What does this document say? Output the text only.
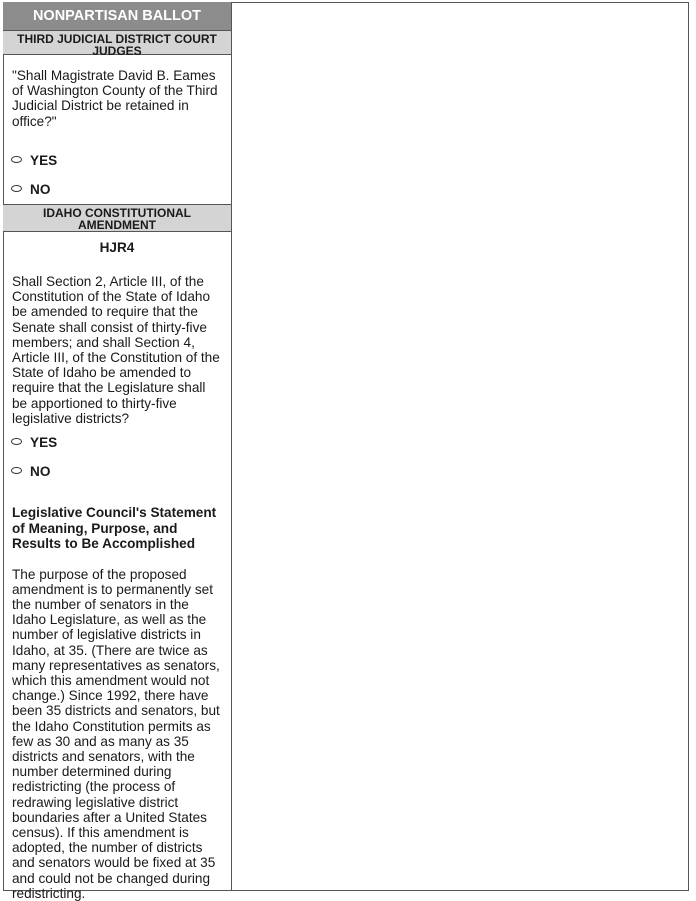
NONPARTISAN BALLOT
THIRD JUDICIAL DISTRICT COURT JUDGES
"Shall Magistrate David B. Eames of Washington County of the Third Judicial District be retained in office?"
YES
NO
IDAHO CONSTITUTIONAL
AMENDMENT
HJR4
Shall Section 2, Article III, of the Constitution of the State of Idaho be amended to require that the Senate shall consist of thirty-five members; and shall Section 4, Article III, of the Constitution of the State of Idaho be amended to require that the Legislature shall be apportioned to thirty-five legislative districts?
YES
NO
Legislative Council's Statement of Meaning, Purpose, and Results to Be Accomplished
The purpose of the proposed amendment is to permanently set the number of senators in the Idaho Legislature, as well as the number of legislative districts in Idaho, at 35. (There are twice as many representatives as senators, which this amendment would not change.) Since 1992, there have been 35 districts and senators, but the Idaho Constitution permits as few as 30 and as many as 35 districts and senators, with the number determined during redistricting (the process of redrawing legislative district boundaries after a United States census). If this amendment is adopted, the number of districts and senators would be fixed at 35 and could not be changed during redistricting.
